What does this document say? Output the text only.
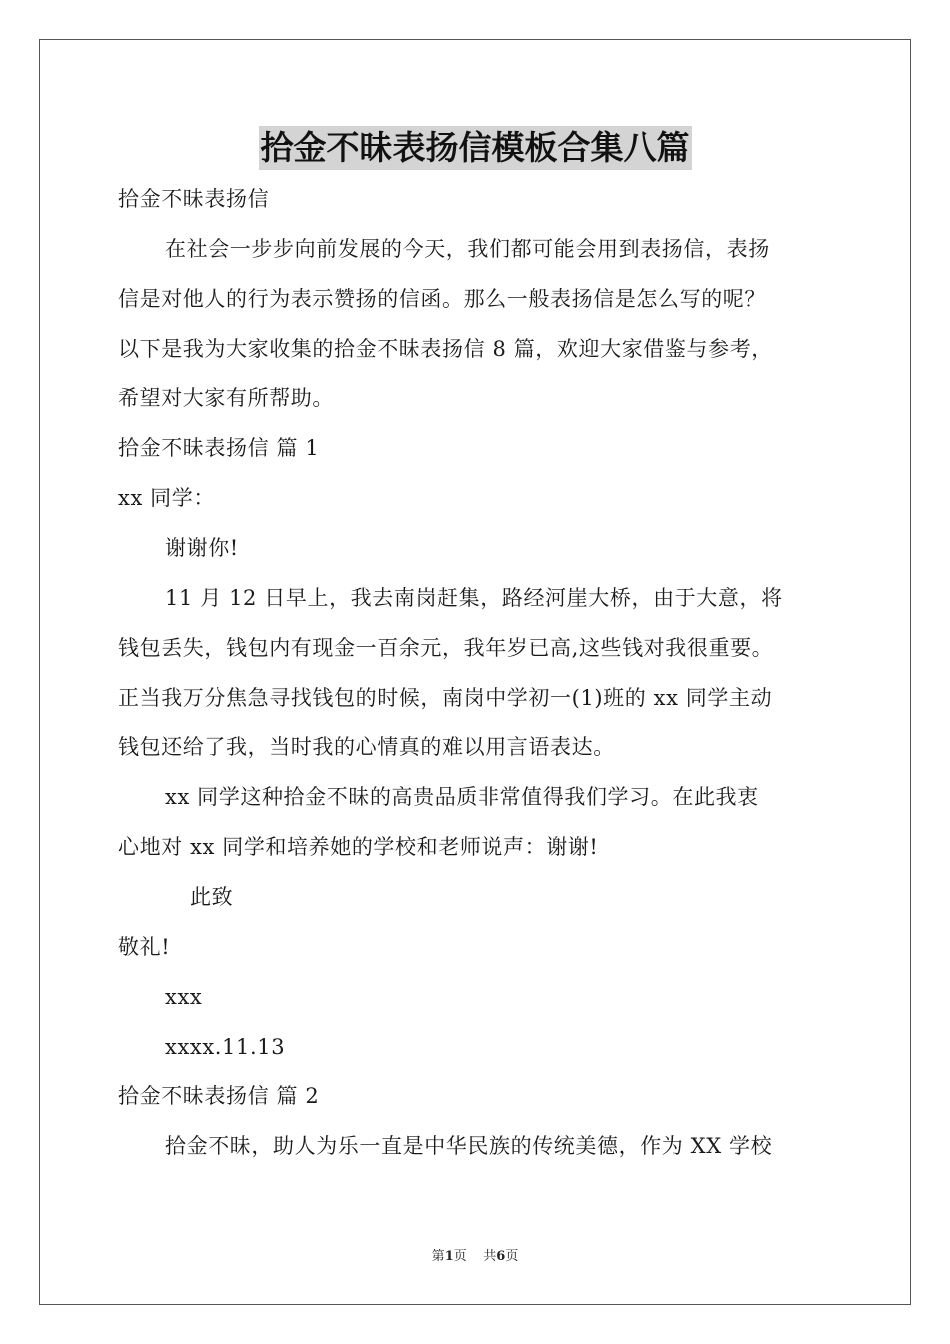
拾金不昧表扬信模板合集八篇
拾金不昧表扬信
在社会一步步向前发展的今天，我们都可能会用到表扬信，表扬
信是对他人的行为表示赞扬的信函。那么一般表扬信是怎么写的呢？
以下是我为大家收集的拾金不昧表扬信 8 篇，欢迎大家借鉴与参考，
希望对大家有所帮助。
拾金不昧表扬信 篇 1
xx 同学：
谢谢你!
11 月 12 日早上，我去南岗赶集，路经河崖大桥，由于大意，将
钱包丢失，钱包内有现金一百余元，我年岁已高,这些钱对我很重要。
正当我万分焦急寻找钱包的时候，南岗中学初一(1)班的 xx 同学主动
钱包还给了我，当时我的心情真的难以用言语表达。
xx 同学这种拾金不昧的高贵品质非常值得我们学习。在此我衷
心地对 xx 同学和培养她的学校和老师说声：谢谢!
此致
敬礼!
xxx
xxxx.11.13
拾金不昧表扬信 篇 2
拾金不昧，助人为乐一直是中华民族的传统美德，作为 XX 学校
第1页    共6页
